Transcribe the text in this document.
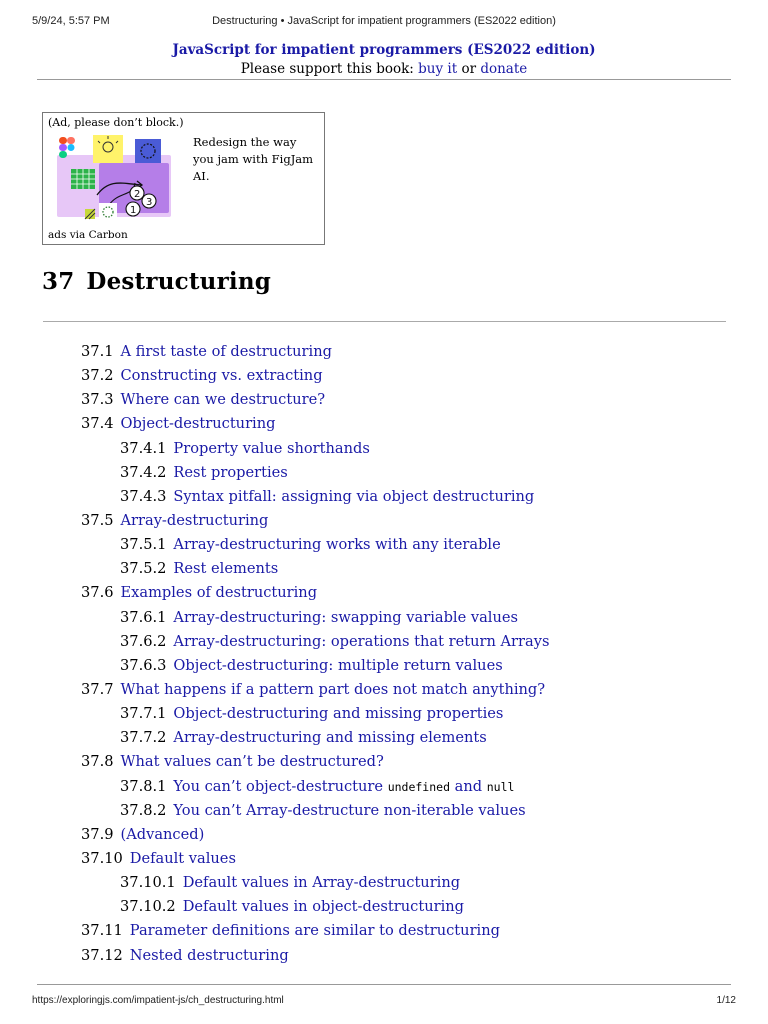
5/9/24, 5:57 PM	Destructuring • JavaScript for impatient programmers (ES2022 edition)
JavaScript for impatient programmers (ES2022 edition)
Please support this book: buy it or donate
(Ad, please don’t block.)
2
3
1
Redesign the way you jam with FigJam AI.
ads via Carbon
37 Destructuring
37.1 A first taste of destructuring
37.2 Constructing vs. extracting
37.3 Where can we destructure?
37.4 Object-destructuring
37.4.1 Property value shorthands
37.4.2 Rest properties
37.4.3 Syntax pitfall: assigning via object destructuring
37.5 Array-destructuring
37.5.1 Array-destructuring works with any iterable
37.5.2 Rest elements
37.6 Examples of destructuring
37.6.1 Array-destructuring: swapping variable values
37.6.2 Array-destructuring: operations that return Arrays
37.6.3 Object-destructuring: multiple return values
37.7 What happens if a pattern part does not match anything?
37.7.1 Object-destructuring and missing properties
37.7.2 Array-destructuring and missing elements
37.8 What values can’t be destructured?
37.8.1 You can’t object-destructure undefined and null
37.8.2 You can’t Array-destructure non-iterable values
37.9 (Advanced)
37.10 Default values
37.10.1 Default values in Array-destructuring
37.10.2 Default values in object-destructuring
37.11 Parameter definitions are similar to destructuring
37.12 Nested destructuring
https://exploringjs.com/impatient-js/ch_destructuring.html	1/12
